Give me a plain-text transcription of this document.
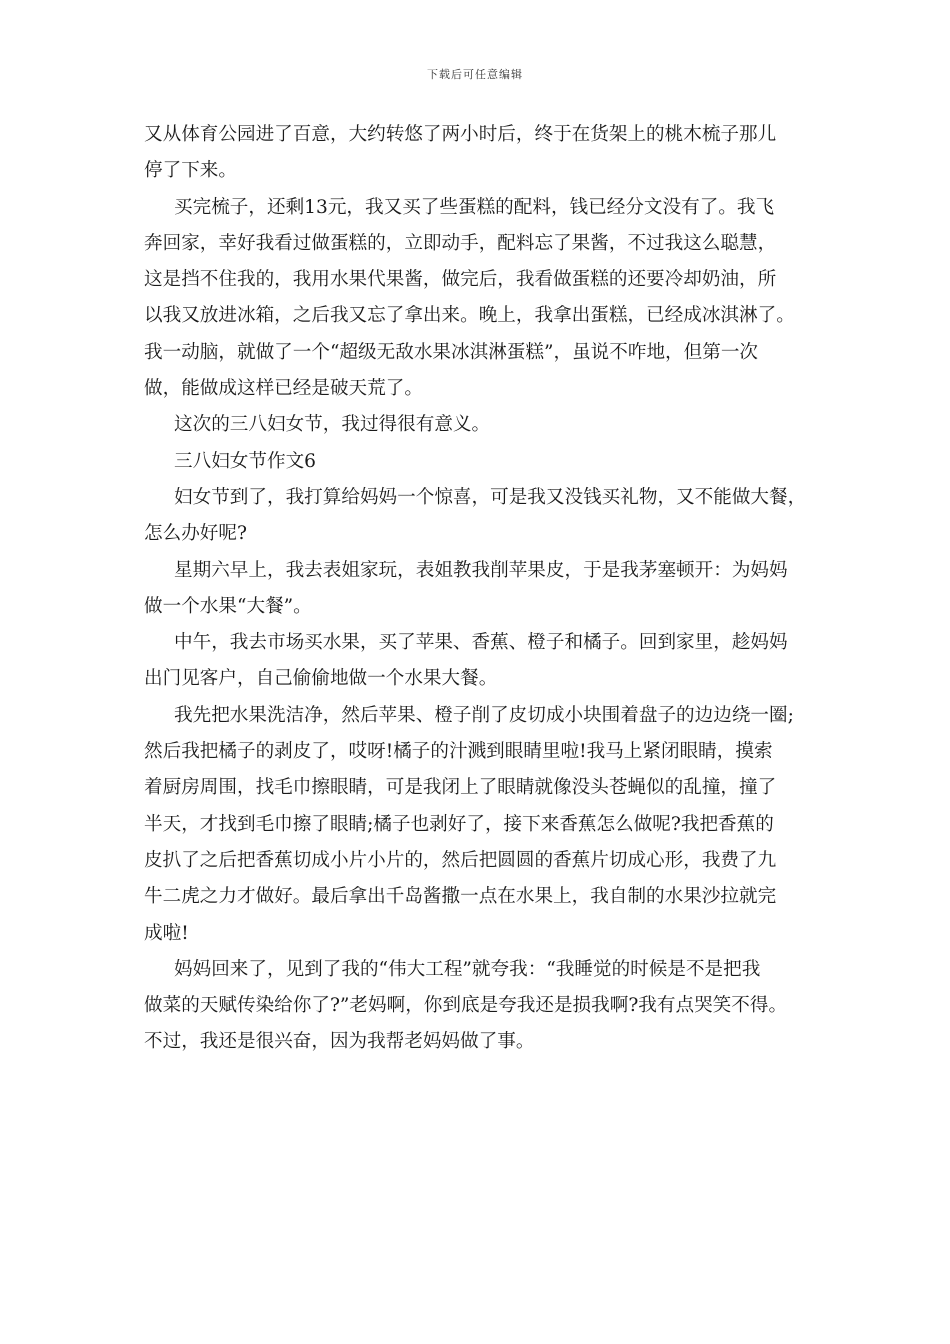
下载后可任意编辑
又从体育公园进了百意，大约转悠了两小时后，终于在货架上的桃木梳子那儿
停了下来。
买完梳子，还剩13元，我又买了些蛋糕的配料，钱已经分文没有了。我飞
奔回家，幸好我看过做蛋糕的，立即动手，配料忘了果酱，不过我这么聪慧，
这是挡不住我的，我用水果代果酱，做完后，我看做蛋糕的还要冷却奶油，所
以我又放进冰箱，之后我又忘了拿出来。晚上，我拿出蛋糕，已经成冰淇淋了。
我一动脑，就做了一个“超级无敌水果冰淇淋蛋糕”，虽说不咋地，但第一次
做，能做成这样已经是破天荒了。
这次的三八妇女节，我过得很有意义。
三八妇女节作文6
妇女节到了，我打算给妈妈一个惊喜，可是我又没钱买礼物，又不能做大餐，
怎么办好呢?
星期六早上，我去表姐家玩，表姐教我削苹果皮，于是我茅塞顿开：为妈妈
做一个水果“大餐”。
中午，我去市场买水果，买了苹果、香蕉、橙子和橘子。回到家里，趁妈妈
出门见客户，自己偷偷地做一个水果大餐。
我先把水果洗洁净，然后苹果、橙子削了皮切成小块围着盘子的边边绕一圈;
然后我把橘子的剥皮了，哎呀!橘子的汁溅到眼睛里啦!我马上紧闭眼睛，摸索
着厨房周围，找毛巾擦眼睛，可是我闭上了眼睛就像没头苍蝇似的乱撞，撞了
半天，才找到毛巾擦了眼睛;橘子也剥好了，接下来香蕉怎么做呢?我把香蕉的
皮扒了之后把香蕉切成小片小片的，然后把圆圆的香蕉片切成心形，我费了九
牛二虎之力才做好。最后拿出千岛酱撒一点在水果上，我自制的水果沙拉就完
成啦!
妈妈回来了，见到了我的“伟大工程”就夸我：“我睡觉的时候是不是把我
做菜的天赋传染给你了?”老妈啊，你到底是夸我还是损我啊?我有点哭笑不得。
不过，我还是很兴奋，因为我帮老妈妈做了事。
